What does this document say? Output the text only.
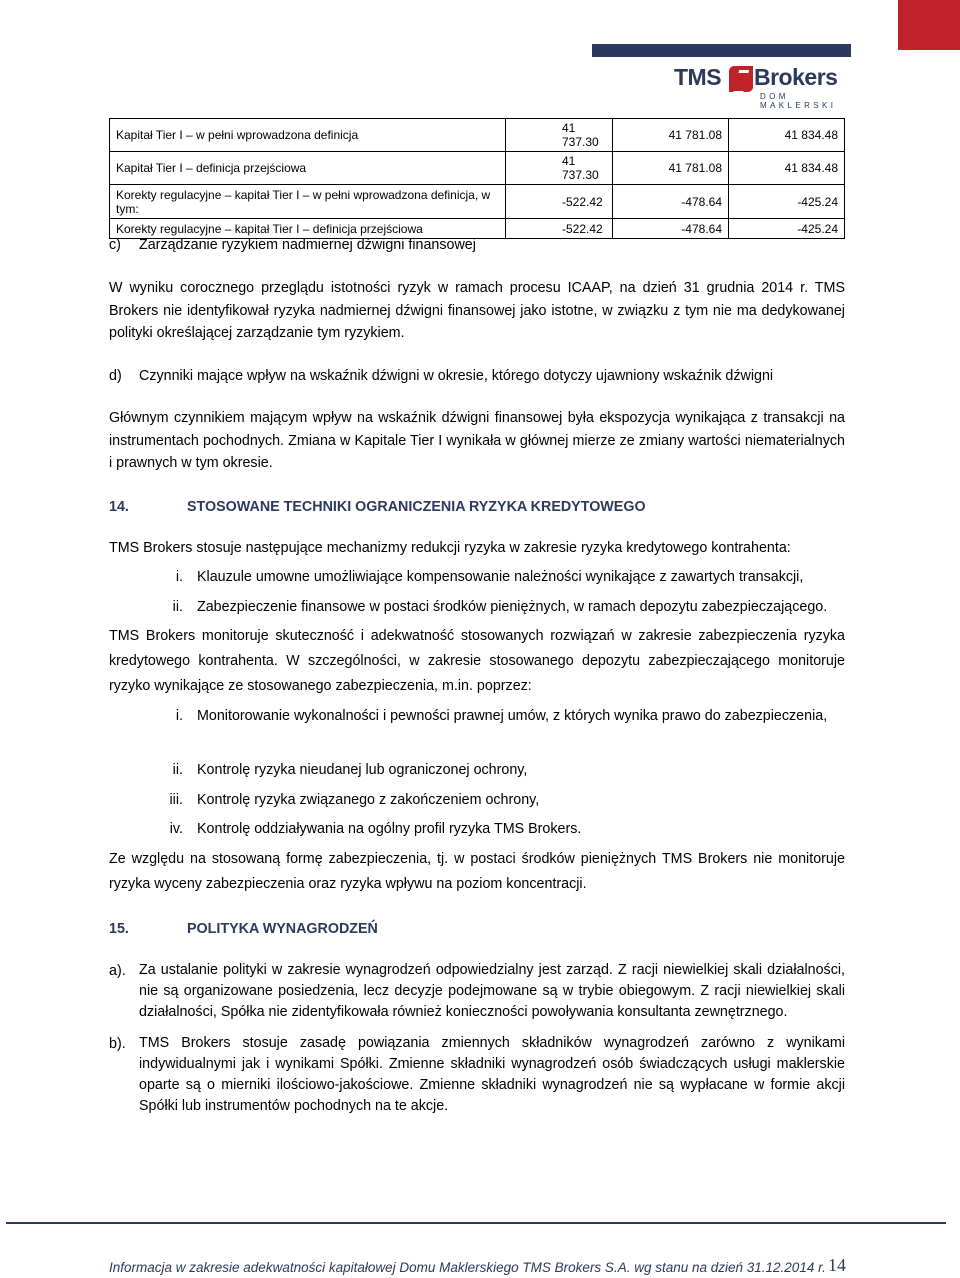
TMS Brokers
DOM MAKLERSKI
Kapitał Tier I – w pełni wprowadzona definicja	41 737.30	41 781.08	41 834.48
Kapitał Tier I – definicja przejściowa	41 737.30	41 781.08	41 834.48
Korekty regulacyjne – kapitał Tier I – w pełni wprowadzona definicja, w tym:	-522.42	-478.64	-425.24
Korekty regulacyjne – kapitał Tier I – definicja przejściowa	-522.42	-478.64	-425.24
c) Zarządzanie ryzykiem nadmiernej dźwigni finansowej
W wyniku corocznego przeglądu istotności ryzyk w ramach procesu ICAAP, na dzień 31 grudnia 2014 r. TMS Brokers nie identyfikował ryzyka nadmiernej dźwigni finansowej jako istotne, w związku z tym nie ma dedykowanej polityki określającej zarządzanie tym ryzykiem.
d) Czynniki mające wpływ na wskaźnik dźwigni w okresie, którego dotyczy ujawniony wskaźnik dźwigni
Głównym czynnikiem mającym wpływ na wskaźnik dźwigni finansowej była ekspozycja wynikająca z transakcji na instrumentach pochodnych. Zmiana w Kapitale Tier I wynikała w głównej mierze ze zmiany wartości niematerialnych i prawnych w tym okresie.
14.	STOSOWANE TECHNIKI OGRANICZENIA RYZYKA KREDYTOWEGO
TMS Brokers stosuje następujące mechanizmy redukcji ryzyka w zakresie ryzyka kredytowego kontrahenta:
i. Klauzule umowne umożliwiające kompensowanie należności wynikające z zawartych transakcji,
ii. Zabezpieczenie finansowe w postaci środków pieniężnych, w ramach depozytu zabezpieczającego.
TMS Brokers monitoruje skuteczność i adekwatność stosowanych rozwiązań w zakresie zabezpieczenia ryzyka kredytowego kontrahenta. W szczególności, w zakresie stosowanego depozytu zabezpieczającego monitoruje ryzyko wynikające ze stosowanego zabezpieczenia, m.in. poprzez:
i. Monitorowanie wykonalności i pewności prawnej umów, z których wynika prawo do zabezpieczenia,
ii. Kontrolę ryzyka nieudanej lub ograniczonej ochrony,
iii. Kontrolę ryzyka związanego z zakończeniem ochrony,
iv. Kontrolę oddziaływania na ogólny profil ryzyka TMS Brokers.
Ze względu na stosowaną formę zabezpieczenia, tj. w postaci środków pieniężnych TMS Brokers nie monitoruje ryzyka wyceny zabezpieczenia oraz ryzyka wpływu na poziom koncentracji.
15.	POLITYKA WYNAGRODZEŃ
a). Za ustalanie polityki w zakresie wynagrodzeń odpowiedzialny jest zarząd. Z racji niewielkiej skali działalności, nie są organizowane posiedzenia, lecz decyzje podejmowane są w trybie obiegowym. Z racji niewielkiej skali działalności, Spółka nie zidentyfikowała również konieczności powoływania konsultanta zewnętrznego.
b). TMS Brokers stosuje zasadę powiązania zmiennych składników wynagrodzeń zarówno z wynikami indywidualnymi jak i wynikami Spółki. Zmienne składniki wynagrodzeń osób świadczących usługi maklerskie oparte są o mierniki ilościowo-jakościowe. Zmienne składniki wynagrodzeń nie są wypłacane w formie akcji Spółki lub instrumentów pochodnych na te akcje.
Informacja w zakresie adekwatności kapitałowej Domu Maklerskiego TMS Brokers S.A. wg stanu na dzień 31.12.2014 r. 14
